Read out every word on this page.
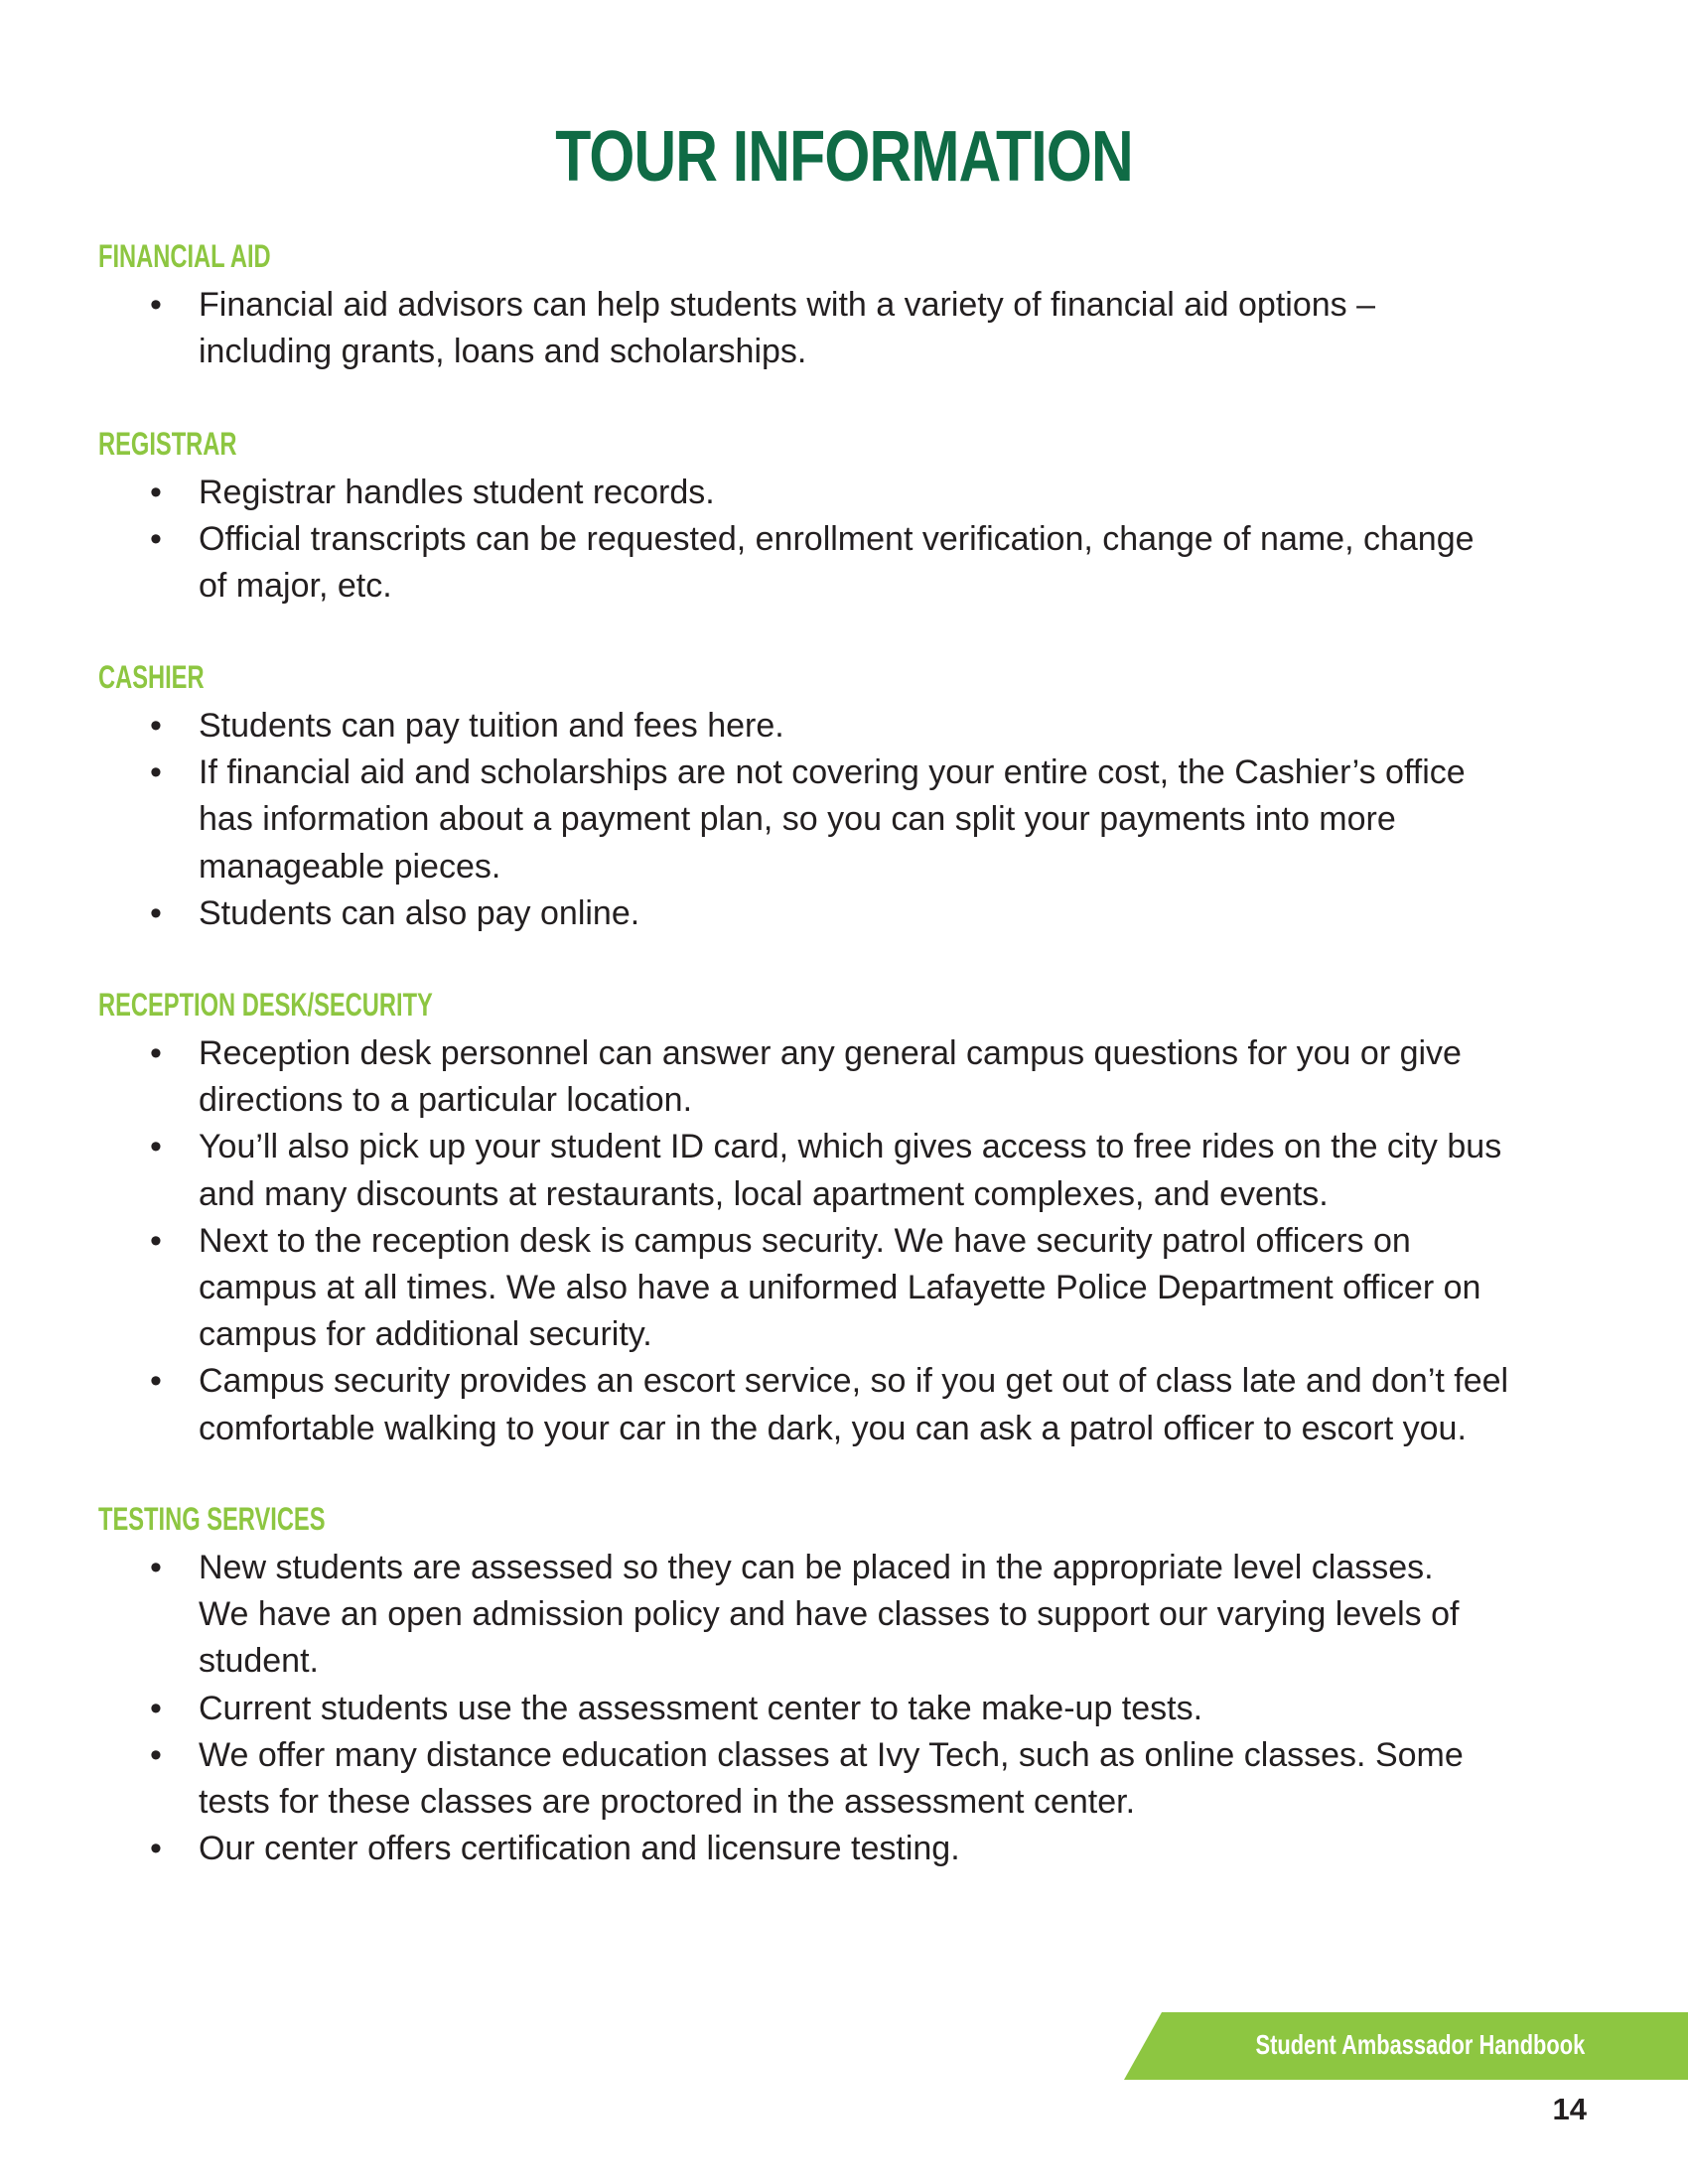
TOUR INFORMATION
FINANCIAL AID
• Financial aid advisors can help students with a variety of financial aid options –
including grants, loans and scholarships.
REGISTRAR
• Registrar handles student records.
• Official transcripts can be requested, enrollment verification, change of name, change
of major, etc.
CASHIER
• Students can pay tuition and fees here.
• If financial aid and scholarships are not covering your entire cost, the Cashier’s office
has information about a payment plan, so you can split your payments into more
manageable pieces.
• Students can also pay online.
RECEPTION DESK/SECURITY
• Reception desk personnel can answer any general campus questions for you or give
directions to a particular location.
• You’ll also pick up your student ID card, which gives access to free rides on the city bus
and many discounts at restaurants, local apartment complexes, and events.
• Next to the reception desk is campus security. We have security patrol officers on
campus at all times. We also have a uniformed Lafayette Police Department officer on
campus for additional security.
• Campus security provides an escort service, so if you get out of class late and don’t feel
comfortable walking to your car in the dark, you can ask a patrol officer to escort you.
TESTING SERVICES
• New students are assessed so they can be placed in the appropriate level classes.
We have an open admission policy and have classes to support our varying levels of
student.
• Current students use the assessment center to take make-up tests.
• We offer many distance education classes at Ivy Tech, such as online classes. Some
tests for these classes are proctored in the assessment center.
• Our center offers certification and licensure testing.
Student Ambassador Handbook
14
